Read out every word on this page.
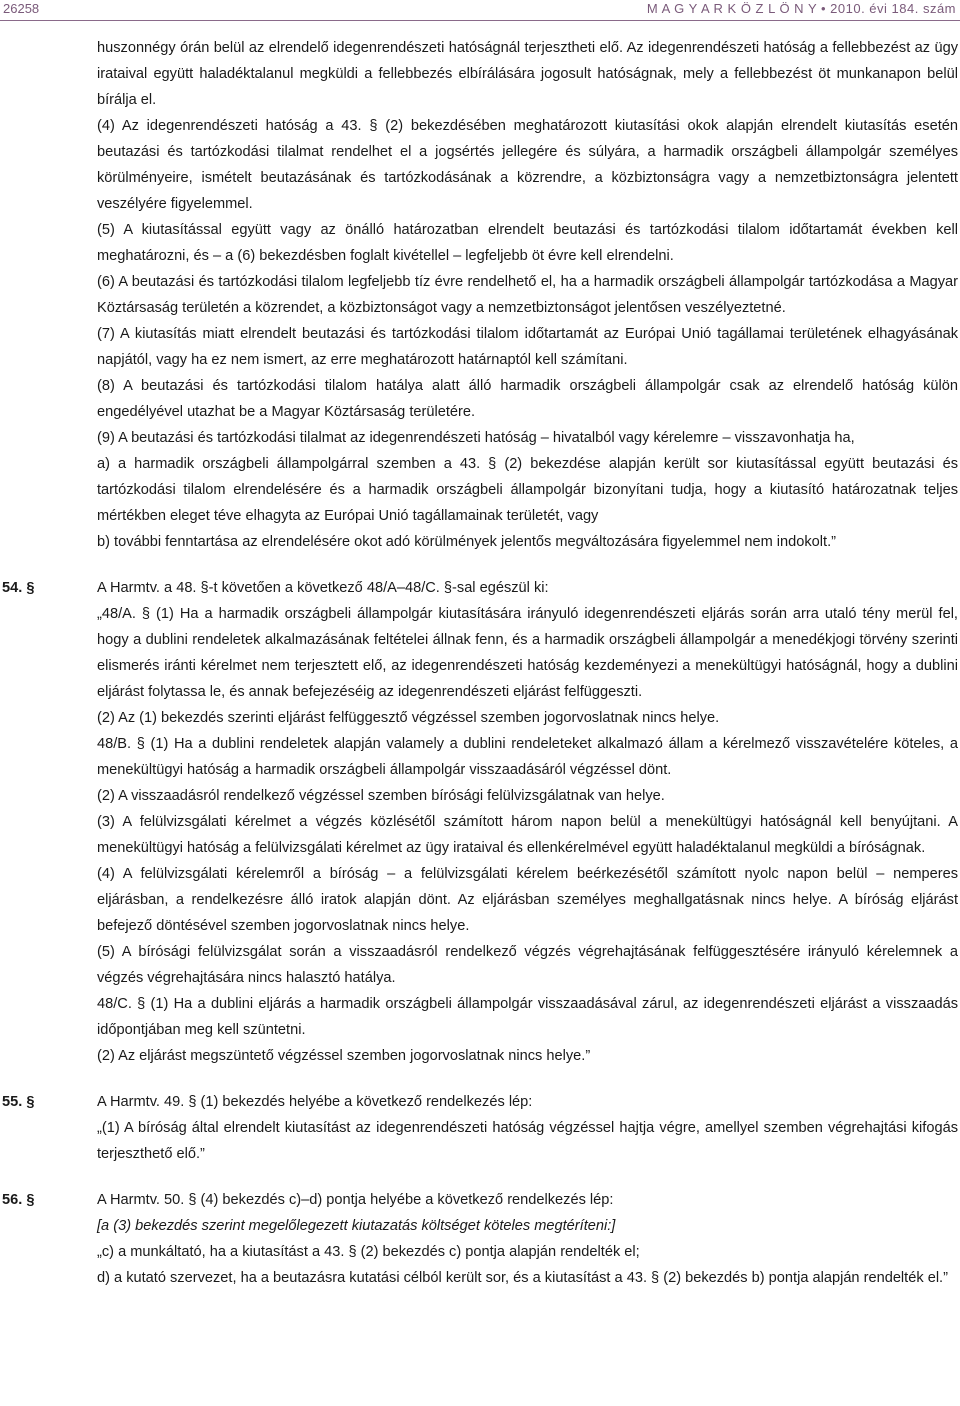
26258	M A G Y A R K Ö Z L Ö N Y • 2010. évi 184. szám

huszonnégy órán belül az elrendelő idegenrendészeti hatóságnál terjesztheti elő. Az idegenrendészeti hatóság a fellebbezést az ügy irataival együtt haladéktalanul megküldi a fellebbezés elbírálására jogosult hatóságnak, mely a fellebbezést öt munkanapon belül bírálja el.

(4) Az idegenrendészeti hatóság a 43. § (2) bekezdésében meghatározott kiutasítási okok alapján elrendelt kiutasítás esetén beutazási és tartózkodási tilalmat rendelhet el a jogsértés jellegére és súlyára, a harmadik országbeli állampolgár személyes körülményeire, ismételt beutazásának és tartózkodásának a közrendre, a közbiztonságra vagy a nemzetbiztonságra jelentett veszélyére figyelemmel.

(5) A kiutasítással együtt vagy az önálló határozatban elrendelt beutazási és tartózkodási tilalom időtartamát években kell meghatározni, és – a (6) bekezdésben foglalt kivétellel – legfeljebb öt évre kell elrendelni.

(6) A beutazási és tartózkodási tilalom legfeljebb tíz évre rendelhető el, ha a harmadik országbeli állampolgár tartózkodása a Magyar Köztársaság területén a közrendet, a közbiztonságot vagy a nemzetbiztonságot jelentősen veszélyeztetné.

(7) A kiutasítás miatt elrendelt beutazási és tartózkodási tilalom időtartamát az Európai Unió tagállamai területének elhagyásának napjától, vagy ha ez nem ismert, az erre meghatározott határnaptól kell számítani.

(8) A beutazási és tartózkodási tilalom hatálya alatt álló harmadik országbeli állampolgár csak az elrendelő hatóság külön engedélyével utazhat be a Magyar Köztársaság területére.

(9) A beutazási és tartózkodási tilalmat az idegenrendészeti hatóság – hivatalból vagy kérelemre – visszavonhatja ha,

a) a harmadik országbeli állampolgárral szemben a 43. § (2) bekezdése alapján került sor kiutasítással együtt beutazási és tartózkodási tilalom elrendelésére és a harmadik országbeli állampolgár bizonyítani tudja, hogy a kiutasító határozatnak teljes mértékben eleget téve elhagyta az Európai Unió tagállamainak területét, vagy

b) további fenntartása az elrendelésére okot adó körülmények jelentős megváltozására figyelemmel nem indokolt.”

54. §	A Harmtv. a 48. §-t követően a következő 48/A–48/C. §-sal egészül ki:

„48/A. § (1) Ha a harmadik országbeli állampolgár kiutasítására irányuló idegenrendészeti eljárás során arra utaló tény merül fel, hogy a dublini rendeletek alkalmazásának feltételei állnak fenn, és a harmadik országbeli állampolgár a menedékjogi törvény szerinti elismerés iránti kérelmet nem terjesztett elő, az idegenrendészeti hatóság kezdeményezi a menekültügyi hatóságnál, hogy a dublini eljárást folytassa le, és annak befejezéséig az idegenrendészeti eljárást felfüggeszti.

(2) Az (1) bekezdés szerinti eljárást felfüggesztő végzéssel szemben jogorvoslatnak nincs helye.

48/B. § (1) Ha a dublini rendeletek alapján valamely a dublini rendeleteket alkalmazó állam a kérelmező visszavételére köteles, a menekültügyi hatóság a harmadik országbeli állampolgár visszaadásáról végzéssel dönt.

(2) A visszaadásról rendelkező végzéssel szemben bírósági felülvizsgálatnak van helye.

(3) A felülvizsgálati kérelmet a végzés közlésétől számított három napon belül a menekültügyi hatóságnál kell benyújtani. A menekültügyi hatóság a felülvizsgálati kérelmet az ügy irataival és ellenkérelmével együtt haladéktalanul megküldi a bíróságnak.

(4) A felülvizsgálati kérelemről a bíróság – a felülvizsgálati kérelem beérkezésétől számított nyolc napon belül – nemperes eljárásban, a rendelkezésre álló iratok alapján dönt. Az eljárásban személyes meghallgatásnak nincs helye. A bíróság eljárást befejező döntésével szemben jogorvoslatnak nincs helye.

(5) A bírósági felülvizsgálat során a visszaadásról rendelkező végzés végrehajtásának felfüggesztésére irányuló kérelemnek a végzés végrehajtására nincs halasztó hatálya.

48/C. § (1) Ha a dublini eljárás a harmadik országbeli állampolgár visszaadásával zárul, az idegenrendészeti eljárást a visszaadás időpontjában meg kell szüntetni.

(2) Az eljárást megszüntető végzéssel szemben jogorvoslatnak nincs helye.”

55. §	A Harmtv. 49. § (1) bekezdés helyébe a következő rendelkezés lép:

„(1) A bíróság által elrendelt kiutasítást az idegenrendészeti hatóság végzéssel hajtja végre, amellyel szemben végrehajtási kifogás terjeszthető elő.”

56. §	A Harmtv. 50. § (4) bekezdés c)–d) pontja helyébe a következő rendelkezés lép:

[a (3) bekezdés szerint megelőlegezett kiutazatás költséget köteles megtéríteni:]

„c) a munkáltató, ha a kiutasítást a 43. § (2) bekezdés c) pontja alapján rendelték el;

d) a kutató szervezet, ha a beutazásra kutatási célból került sor, és a kiutasítást a 43. § (2) bekezdés b) pontja alapján rendelték el.”
